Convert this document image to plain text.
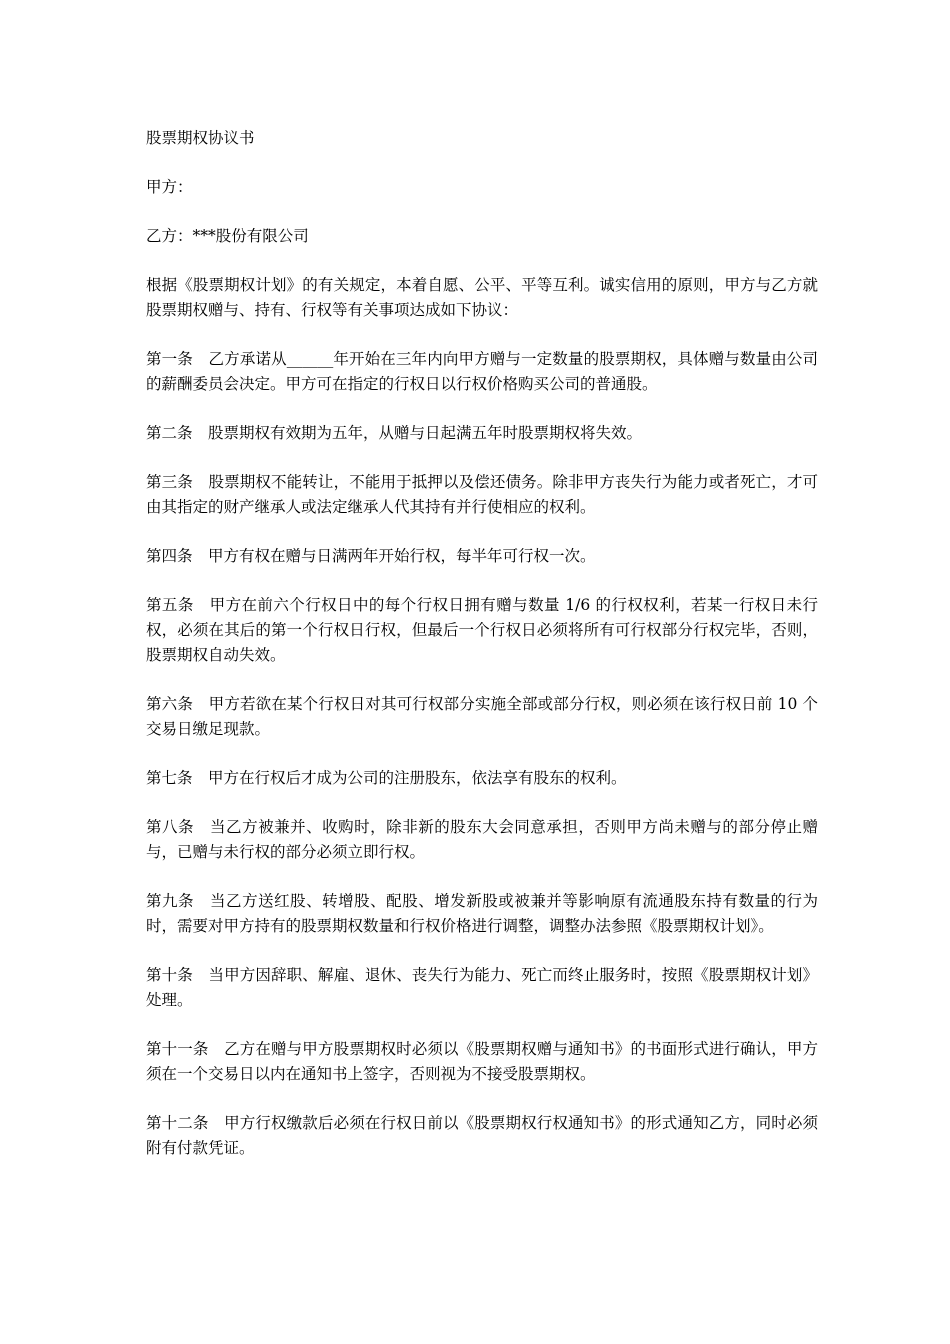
股票期权协议书

甲方：

乙方：***股份有限公司

根据《股票期权计划》的有关规定，本着自愿、公平、平等互利。诚实信用的原则，甲方与乙方就股票期权赠与、持有、行权等有关事项达成如下协议：

第一条　乙方承诺从______年开始在三年内向甲方赠与一定数量的股票期权，具体赠与数量由公司的薪酬委员会决定。甲方可在指定的行权日以行权价格购买公司的普通股。

第二条　股票期权有效期为五年，从赠与日起满五年时股票期权将失效。

第三条　股票期权不能转让，不能用于抵押以及偿还债务。除非甲方丧失行为能力或者死亡，才可由其指定的财产继承人或法定继承人代其持有并行使相应的权利。

第四条　甲方有权在赠与日满两年开始行权，每半年可行权一次。

第五条　甲方在前六个行权日中的每个行权日拥有赠与数量 1/6 的行权权利，若某一行权日未行权，必须在其后的第一个行权日行权，但最后一个行权日必须将所有可行权部分行权完毕，否则，股票期权自动失效。

第六条　甲方若欲在某个行权日对其可行权部分实施全部或部分行权，则必须在该行权日前 10 个交易日缴足现款。

第七条　甲方在行权后才成为公司的注册股东，依法享有股东的权利。

第八条　当乙方被兼并、收购时，除非新的股东大会同意承担，否则甲方尚未赠与的部分停止赠与，已赠与未行权的部分必须立即行权。

第九条　当乙方送红股、转增股、配股、增发新股或被兼并等影响原有流通股东持有数量的行为时，需要对甲方持有的股票期权数量和行权价格进行调整，调整办法参照《股票期权计划》。

第十条　当甲方因辞职、解雇、退休、丧失行为能力、死亡而终止服务时，按照《股票期权计划》处理。

第十一条　乙方在赠与甲方股票期权时必须以《股票期权赠与通知书》的书面形式进行确认，甲方须在一个交易日以内在通知书上签字，否则视为不接受股票期权。

第十二条　甲方行权缴款后必须在行权日前以《股票期权行权通知书》的形式通知乙方，同时必须附有付款凭证。
